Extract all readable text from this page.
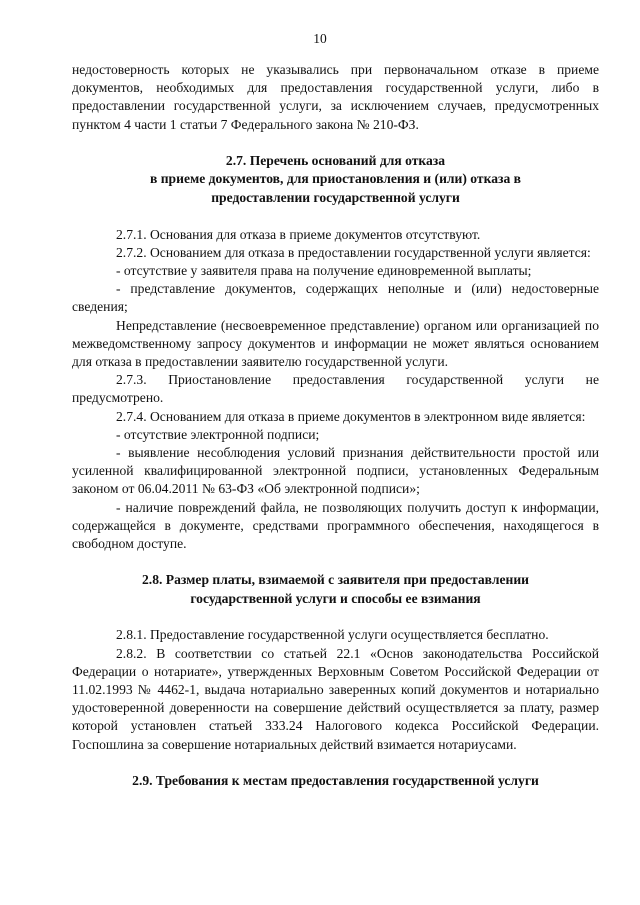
10

недостоверность которых не указывались при первоначальном отказе в приеме документов, необходимых для предоставления государственной услуги, либо в предоставлении государственной услуги, за исключением случаев, предусмотренных пунктом 4 части 1 статьи 7 Федерального закона № 210-ФЗ.

2.7. Перечень оснований для отказа

в приеме документов, для приостановления и (или) отказа в

предоставлении государственной услуги

2.7.1. Основания для отказа в приеме документов отсутствуют.

2.7.2. Основанием для отказа в предоставлении государственной услуги является:

- отсутствие у заявителя права на получение единовременной выплаты;

- представление документов, содержащих неполные и (или) недостоверные сведения;

Непредставление (несвоевременное представление) органом или организацией по межведомственному запросу документов и информации не может являться основанием для отказа в предоставлении заявителю государственной услуги.

2.7.3. Приостановление предоставления государственной услуги не предусмотрено.

2.7.4. Основанием для отказа в приеме документов в электронном виде является:

- отсутствие электронной подписи;

- выявление несоблюдения условий признания действительности простой или усиленной квалифицированной электронной подписи, установленных Федеральным законом от 06.04.2011 № 63-ФЗ «Об электронной подписи»;

- наличие повреждений файла, не позволяющих получить доступ к информации, содержащейся в документе, средствами программного обеспечения, находящегося в свободном доступе.

2.8. Размер платы, взимаемой с заявителя при предоставлении

государственной услуги и способы ее взимания

2.8.1. Предоставление государственной услуги осуществляется бесплатно.

2.8.2. В соответствии со статьей 22.1 «Основ законодательства Российской Федерации о нотариате», утвержденных Верховным Советом Российской Федерации от 11.02.1993 № 4462-1, выдача нотариально заверенных копий документов и нотариально удостоверенной доверенности на совершение действий осуществляется за плату, размер которой установлен статьей 333.24 Налогового кодекса Российской Федерации. Госпошлина за совершение нотариальных действий взимается нотариусами.

2.9. Требования к местам предоставления государственной услуги
